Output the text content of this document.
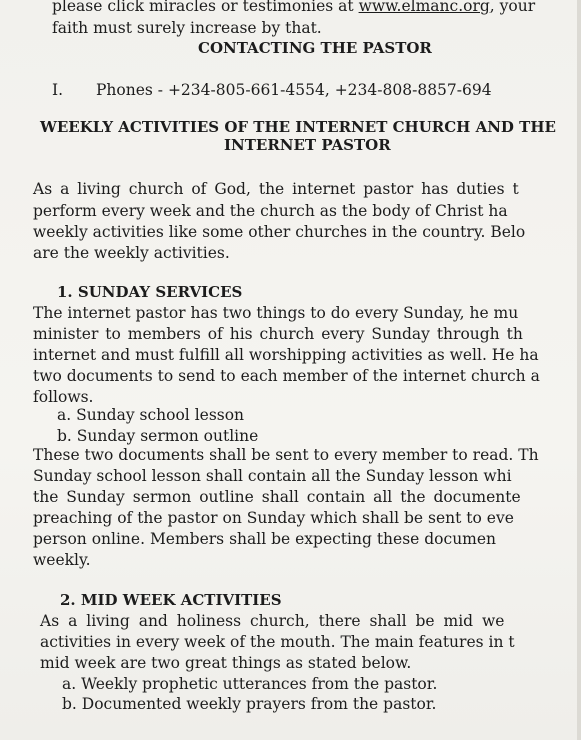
please click miracles or testimonies at www.elmanc.org, your
faith must surely increase by that.
CONTACTING THE PASTOR
I. Phones - +234-805-661-4554, +234-808-8857-694
WEEKLY ACTIVITIES OF THE INTERNET CHURCH AND THE
INTERNET PASTOR
As a living church of God, the internet pastor has duties t
perform every week and the church as the body of Christ ha
weekly activities like some other churches in the country. Belo
are the weekly activities.
1. SUNDAY SERVICES
The internet pastor has two things to do every Sunday, he mu
minister to members of his church every Sunday through th
internet and must fulfill all worshipping activities as well. He ha
two documents to send to each member of the internet church a
follows.
a. Sunday school lesson
b. Sunday sermon outline
These two documents shall be sent to every member to read. Th
Sunday school lesson shall contain all the Sunday lesson whi
the Sunday sermon outline shall contain all the documente
preaching of the pastor on Sunday which shall be sent to eve
person online. Members shall be expecting these documen
weekly.
2. MID WEEK ACTIVITIES
As a living and holiness church, there shall be mid we
activities in every week of the mouth. The main features in t
mid week are two great things as stated below.
a. Weekly prophetic utterances from the pastor.
b. Documented weekly prayers from the pastor.
